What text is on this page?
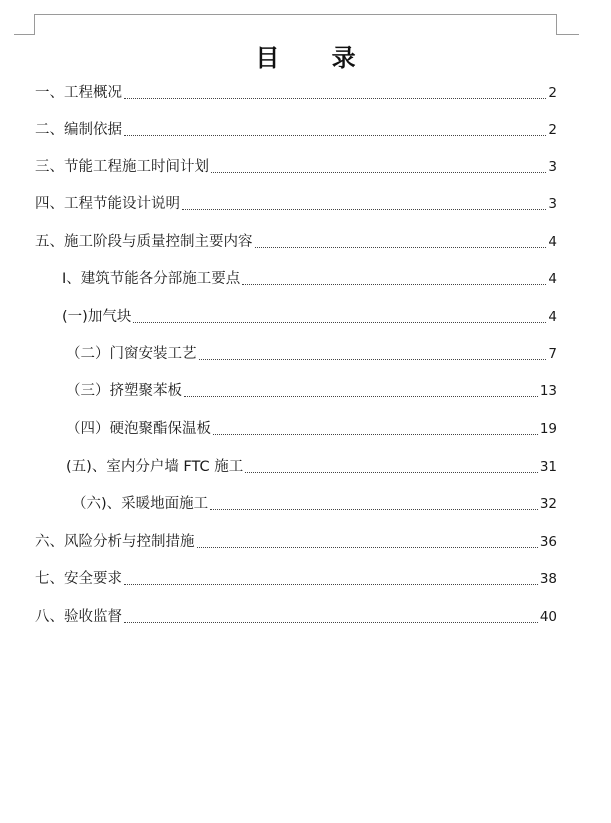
目 录
一、工程概况	2
二、编制依据	2
三、节能工程施工时间计划	3
四、工程节能设计说明	3
五、施工阶段与质量控制主要内容	4
I、建筑节能各分部施工要点	4
(一)加气块	4
（二）门窗安装工艺	7
（三）挤塑聚苯板	13
（四）硬泡聚酯保温板	19
(五)、室内分户墙 FTC 施工	31
（六)、采暖地面施工	32
六、风险分析与控制措施	36
七、安全要求	38
八、验收监督	40
